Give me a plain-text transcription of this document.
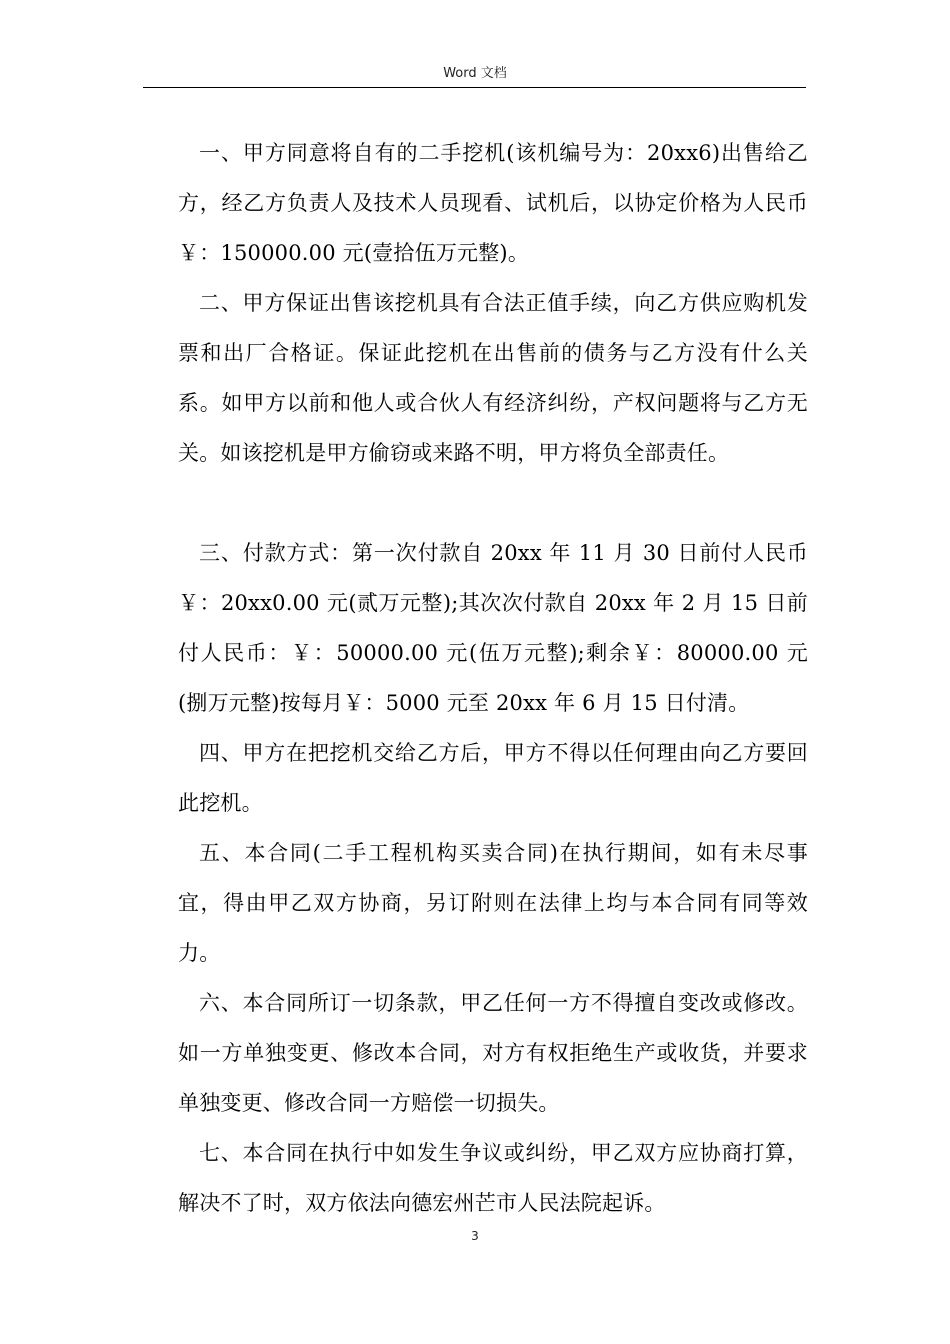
Word 文档

一、甲方同意将自有的二手挖机(该机编号为：20xx6)出售给乙方，经乙方负责人及技术人员现看、试机后，以协定价格为人民币￥：150000.00 元(壹拾伍万元整)。

二、甲方保证出售该挖机具有合法正值手续，向乙方供应购机发票和出厂合格证。保证此挖机在出售前的债务与乙方没有什么关系。如甲方以前和他人或合伙人有经济纠纷，产权问题将与乙方无关。如该挖机是甲方偷窃或来路不明，甲方将负全部责任。

三、付款方式：第一次付款自 20xx 年 11 月 30 日前付人民币￥：20xx0.00 元(贰万元整);其次次付款自 20xx 年 2 月 15 日前付人民币：￥：50000.00 元(伍万元整);剩余￥：80000.00 元(捌万元整)按每月￥：5000 元至 20xx 年 6 月 15 日付清。

四、甲方在把挖机交给乙方后，甲方不得以任何理由向乙方要回此挖机。

五、本合同(二手工程机构买卖合同)在执行期间，如有未尽事宜，得由甲乙双方协商，另订附则在法律上均与本合同有同等效力。

六、本合同所订一切条款，甲乙任何一方不得擅自变改或修改。如一方单独变更、修改本合同，对方有权拒绝生产或收货，并要求单独变更、修改合同一方赔偿一切损失。

七、本合同在执行中如发生争议或纠纷，甲乙双方应协商打算，解决不了时，双方依法向德宏州芒市人民法院起诉。

3
